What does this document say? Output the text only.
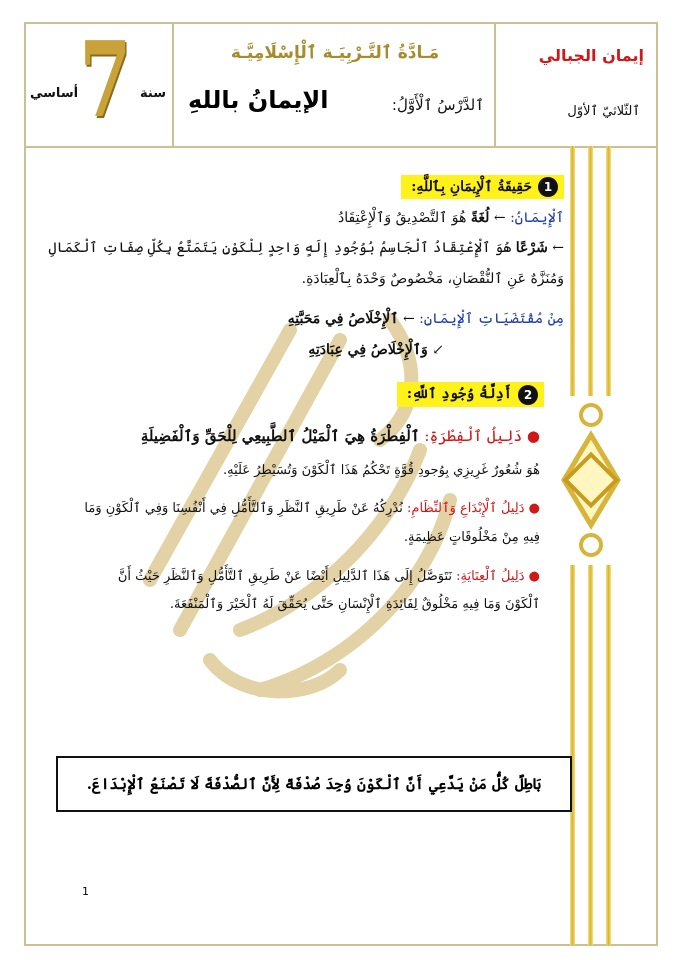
سنة
7
أساسي
مَـادَّةُ ٱلتَّـرْبِيَـة ٱلْإِسْلَامِيَّـة
ٱلدَّرْسُ ٱلْأَوَّلُ:
الإيمانُ باللهِ
إيمان الجبالي
ٱلثّلاثيّ ٱلأوّل
1
حَقِيقَةُ ٱلْإِيمَانِ بِٱللَّهِ:
ٱلْإِيمَانُ: ← لُغَةً هُوَ ٱلتَّصْدِيقُ وَٱلْإِعْتِقَادُ
← شَرْعًا هُوَ ٱلْإِعْتِقَادُ ٱلْجَاسِمُ بُوُجُودِ إِلَهٍ وَاحِدٍ لِلْكَوْنِ يَتَمَتَّعُ بِكُلِّ صِفَاتِ ٱلْكَمَالِ
وَمُنَزَّهٌ عَنِ ٱلنُّقْصَانِ، مَخْصُوصٌ وَحْدَهُ بِٱلْعِبَادَةِ.
مِنْ مُقْتَضَيَاتِ ٱلْإِيمَانِ: ← ٱلْإِخْلَاصُ فِي مَحَبَّتِهِ
↙ وَٱلْإِخْلَاصُ فِي عِبَادَتِهِ
2
أَدِلَّةُ وُجُودِ ٱللَّهِ:
● دَلِيلُ ٱلْفِطْرَةِ: ٱلْفِطْرَةُ هِيَ ٱلْمَيْلُ ٱلطَّبِيعِي لِلْحَقِّ وَٱلْفَضِيلَةِ
هُوَ شُعُورٌ غَرِيزِي بِوُجودِ قُوَّةٍ تَحْكُمُ هَذَا ٱلْكَوْنَ وَتُسَيْطِرُ عَلَيْهِ.
● دَلِيلُ ٱلْإِبْدَاعِ وَٱلنِّظَامِ: نُدْرِكُهُ عَنْ طَرِيقِ ٱلنَّظَرِ وَٱلتَّأَمُّلِ فِي أَنْفُسِنَا وَفِي ٱلْكَوْنِ وَمَا
فِيهِ مِنْ مَخْلُوقَاتٍ عَظِيمَةٍ.
● دَلِيلُ ٱلْعِنَايَةِ: نَتَوَصَّلُ إِلَى هَذَا ٱلدَّلِيلِ أَيْضًا عَنْ طَرِيقِ ٱلتَّأَمُّلِ وَٱلنَّظَرِ حَيْثُ أَنَّ
ٱلْكَوْنَ وَمَا فِيهِ مَخْلُوقٌ لِفَائِدَةِ ٱلْإِنْسَانِ حَتَّى يُحَقِّقَ لَهُ ٱلْخَيْرَ وَٱلْمَنْفَعَةَ.
بَاطِلٌ كُلُّ مَنْ يَدَّعِي أَنَّ ٱلْكَوْنَ وُجِدَ صُدْفَةً لِأَنَّ ٱلصُّدْفَةَ لَا تَصْنَعُ ٱلْإِبْدَاعَ.
1
